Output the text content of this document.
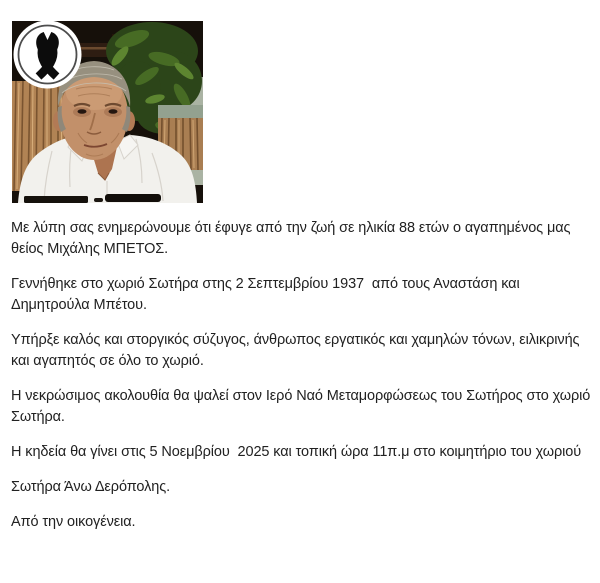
Με λύπη σας ενημερώνουμε ότι έφυγε από την ζωή σε ηλικία 88 ετών ο αγαπημένος μας
θείος Μιχάλης ΜΠΕΤΟΣ.
Γεννήθηκε στο χωριό Σωτήρα στης 2 Σεπτεμβρίου 1937  από τους Αναστάση και
Δημητρούλα Μπέτου.
Υπήρξε καλός και στοργικός σύζυγος, άνθρωπος εργατικός και χαμηλών τόνων, ειλικρινής
και αγαπητός σε όλο το χωριό.
Η νεκρώσιμος ακολουθία θα ψαλεί στον Ιερό Ναό Μεταμορφώσεως του Σωτήρος στο χωριό
Σωτήρα.
Η κηδεία θα γίνει στις 5 Νοεμβρίου  2025 και τοπική ώρα 11π.μ στο κοιμητήριο του χωριού
Σωτήρα Άνω Δερόπολης.
Από την οικογένεια.
